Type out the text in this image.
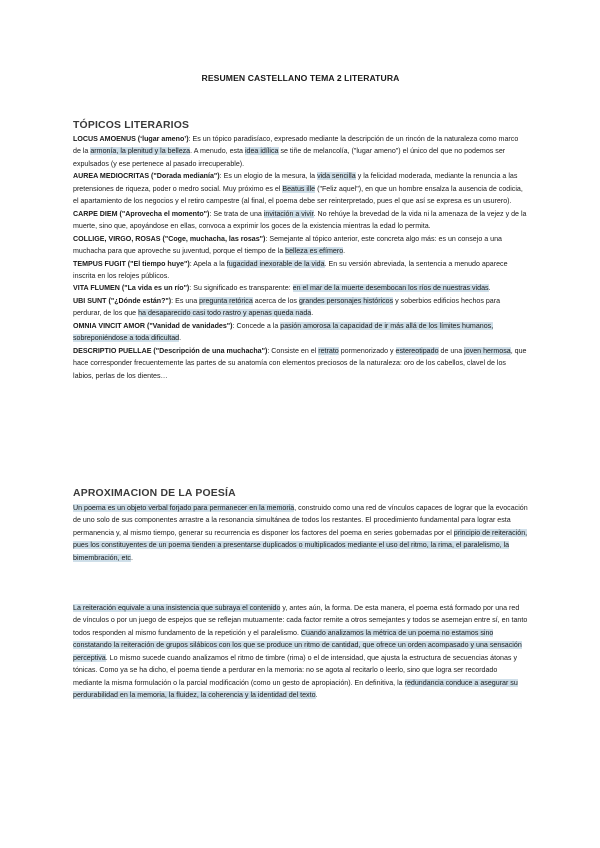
RESUMEN CASTELLANO TEMA 2 LITERATURA
TÓPICOS LITERARIOS

LOCUS AMOENUS (‘lugar ameno’): Es un tópico paradisíaco, expresado mediante la descripción de un rincón de la naturaleza como marco de la armonía, la plenitud y la belleza. A menudo, esta idea idílica se tiñe de melancolía, ("lugar ameno") el único del que no podemos ser expulsados (y ese pertenece al pasado irrecuperable).

AUREA MEDIOCRITAS ("Dorada medianía"): Es un elogio de la mesura, la vida sencilla y la felicidad moderada, mediante la renuncia a las pretensiones de riqueza, poder o medro social. Muy próximo es el Beatus ille ("Feliz aquel"), en que un hombre ensalza la ausencia de codicia, el apartamiento de los negocios y el retiro campestre (al final, el poema debe ser reinterpretado, pues el que así se expresa es un usurero).

CARPE DIEM ("Aprovecha el momento"): Se trata de una invitación a vivir. No rehúye la brevedad de la vida ni la amenaza de la vejez y de la muerte, sino que, apoyándose en ellas, convoca a exprimir los goces de la existencia mientras la edad lo permita.

COLLIGE, VIRGO, ROSAS ("Coge, muchacha, las rosas"): Semejante al tópico anterior, este concreta algo más: es un consejo a una muchacha para que aproveche su juventud, porque el tiempo de la belleza es efímero.

TEMPUS FUGIT ("El tiempo huye"): Apela a la fugacidad inexorable de la vida. En su versión abreviada, la sentencia a menudo aparece inscrita en los relojes públicos.

VITA FLUMEN ("La vida es un río"): Su significado es transparente: en el mar de la muerte desembocan los ríos de nuestras vidas.

UBI SUNT ("¿Dónde están?"): Es una pregunta retórica acerca de los grandes personajes históricos y soberbios edificios hechos para perdurar, de los que ha desaparecido casi todo rastro y apenas queda nada.

OMNIA VINCIT AMOR ("Vanidad de vanidades"): Concede a la pasión amorosa la capacidad de ir más allá de los límites humanos, sobreponiéndose a toda dificultad.

DESCRIPTIO PUELLAE ("Descripción de una muchacha"): Consiste en el retrato pormenorizado y estereotipado de una joven hermosa, que hace corresponder frecuentemente las partes de su anatomía con elementos preciosos de la naturaleza: oro de los cabellos, clavel de los labios, perlas de los dientes…

APROXIMACION DE LA POESÍA

Un poema es un objeto verbal forjado para permanecer en la memoria, construido como una red de vínculos capaces de lograr que la evocación de uno solo de sus componentes arrastre a la resonancia simultánea de todos los restantes. El procedimiento fundamental para lograr esta permanencia y, al mismo tiempo, generar su recurrencia es disponer los factores del poema en series gobernadas por el principio de reiteración, pues los constituyentes de un poema tienden a presentarse duplicados o multiplicados mediante el uso del ritmo, la rima, el paralelismo, la bimembración, etc.

La reiteración equivale a una insistencia que subraya el contenido y, antes aún, la forma. De esta manera, el poema está formado por una red de vínculos o por un juego de espejos que se reflejan mutuamente: cada factor remite a otros semejantes y todos se asemejan entre sí, en tanto todos responden al mismo fundamento de la repetición y el paralelismo. Cuando analizamos la métrica de un poema no estamos sino constatando la reiteración de grupos silábicos con los que se produce un ritmo de cantidad, que ofrece un orden acompasado y una sensación perceptiva. Lo mismo sucede cuando analizamos el ritmo de timbre (rima) o el de intensidad, que ajusta la estructura de secuencias átonas y tónicas. Como ya se ha dicho, el poema tiende a perdurar en la memoria: no se agota al recitarlo o leerlo, sino que logra ser recordado mediante la misma formulación o la parcial modificación (como un gesto de apropiación). En definitiva, la redundancia conduce a asegurar su perdurabilidad en la memoria, la fluidez, la coherencia y la identidad del texto.
